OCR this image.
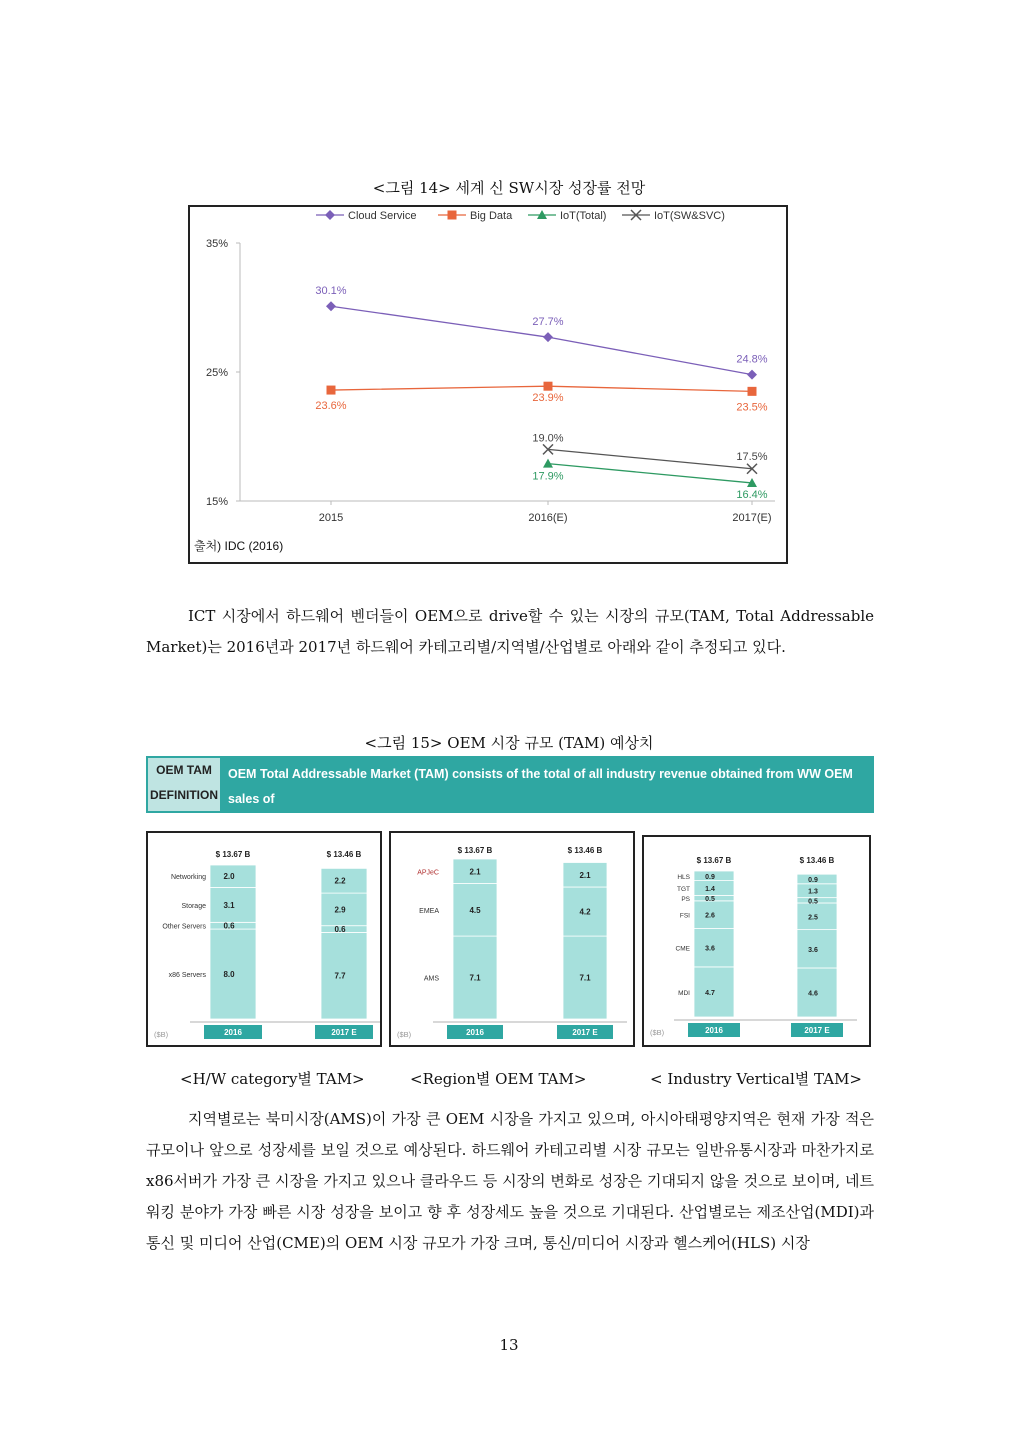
<그림 14> 세계 신 SW시장 성장률 전망
35%
25%
15%
2015	2016(E)	2017(E)
Cloud Service	Big Data	IoT(Total)	IoT(SW&SVC)
30.1%
27.7%
24.8%
23.6%
23.9%
23.5%
17.9%
16.4%
19.0%
17.5%
출처) IDC (2016)
ICT 시장에서 하드웨어 벤더들이 OEM으로 drive할 수 있는 시장의 규모(TAM, Total Addressable Market)는 2016년과 2017년 하드웨어 카테고리별/지역별/산업별로 아래와 같이 추정되고 있다.
<그림 15> OEM 시장 규모 (TAM) 예상치
OEM TAM
DEFINITION
OEM Total Addressable Market (TAM) consists of the total of all industry revenue obtained from WW OEM sales of
Servers (Other Servers and x86), a portion of WhiteBox, Storage & Networking
8.0
x86 Servers
0.6
Other Servers
3.1
Storage
2.0
Networking
$ 13.67 B
2016
7.7
0.6
2.9
2.2
$ 13.46 B
2017 E
($B)
7.1
AMS
4.5
EMEA
2.1
APJeC
$ 13.67 B
2016
7.1
4.2
2.1
$ 13.46 B
2017 E
($B)
4.7
MDI
3.6
CME
2.6
FSI
0.5
PS
1.4
TGT
0.9
HLS
$ 13.67 B
2016
4.6
3.6
2.5
0.5
1.3
0.9
$ 13.46 B
2017 E
($B)
<H/W category별 TAM>	<Region별 OEM TAM>	< Industry Vertical별 TAM>
지역별로는 북미시장(AMS)이 가장 큰 OEM 시장을 가지고 있으며, 아시아태평양지역은 현재 가장 적은 규모이나 앞으로 성장세를 보일 것으로 예상된다. 하드웨어 카테고리별 시장 규모는 일반유통시장과 마찬가지로 x86서버가 가장 큰 시장을 가지고 있으나 클라우드 등 시장의 변화로 성장은 기대되지 않을 것으로 보이며, 네트워킹 분야가 가장 빠른 시장 성장을 보이고 향 후 성장세도 높을 것으로 기대된다. 산업별로는 제조산업(MDI)과 통신 및 미디어 산업(CME)의 OEM 시장 규모가 가장 크며, 통신/미디어 시장과 헬스케어(HLS) 시장
13
